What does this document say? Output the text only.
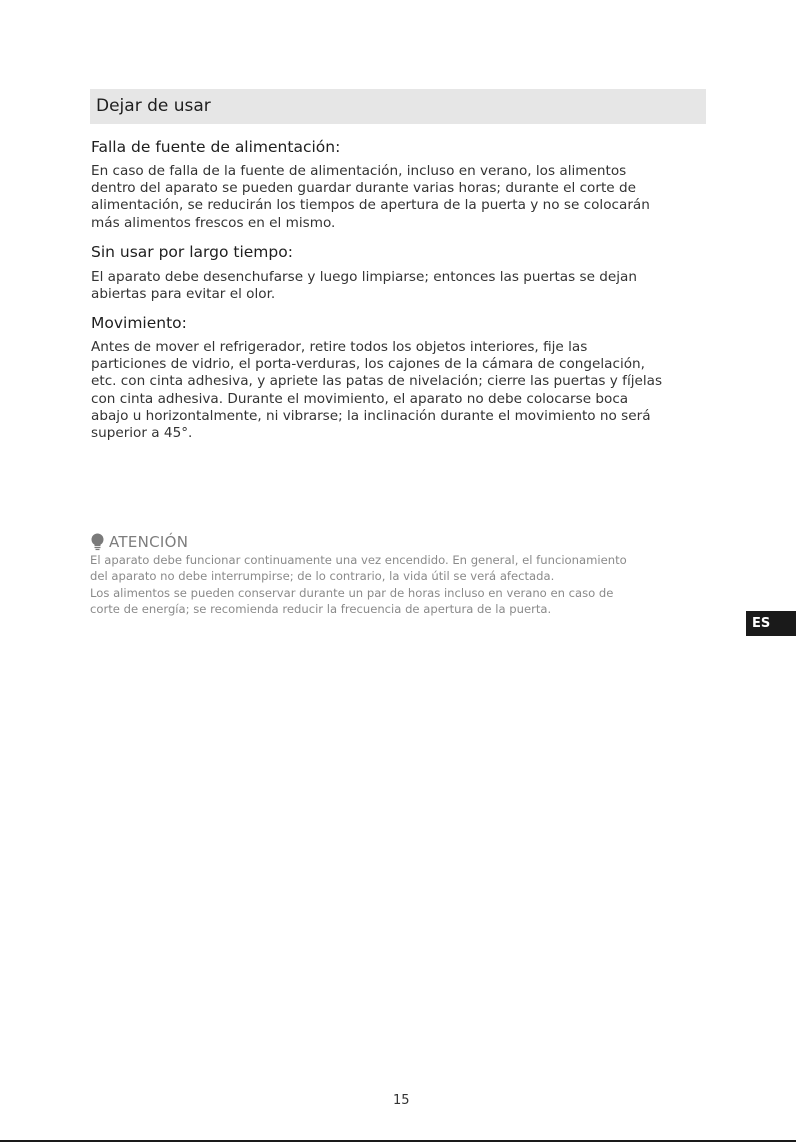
Dejar de usar
Falla de fuente de alimentación:
En caso de falla de la fuente de alimentación, incluso en verano, los alimentos
dentro del aparato se pueden guardar durante varias horas; durante el corte de
alimentación, se reducirán los tiempos de apertura de la puerta y no se colocarán
más alimentos frescos en el mismo.
Sin usar por largo tiempo:
El aparato debe desenchufarse y luego limpiarse; entonces las puertas se dejan
abiertas para evitar el olor.
Movimiento:
Antes de mover el refrigerador, retire todos los objetos interiores, fije las
particiones de vidrio, el porta-verduras, los cajones de la cámara de congelación,
etc. con cinta adhesiva, y apriete las patas de nivelación; cierre las puertas y fíjelas
con cinta adhesiva. Durante el movimiento, el aparato no debe colocarse boca
abajo u horizontalmente, ni vibrarse; la inclinación durante el movimiento no será
superior a 45°.
ATENCIÓN
El aparato debe funcionar continuamente una vez encendido. En general, el funcionamiento
del aparato no debe interrumpirse; de lo contrario, la vida útil se verá afectada.
Los alimentos se pueden conservar durante un par de horas incluso en verano en caso de
corte de energía; se recomienda reducir la frecuencia de apertura de la puerta.
ES
15
